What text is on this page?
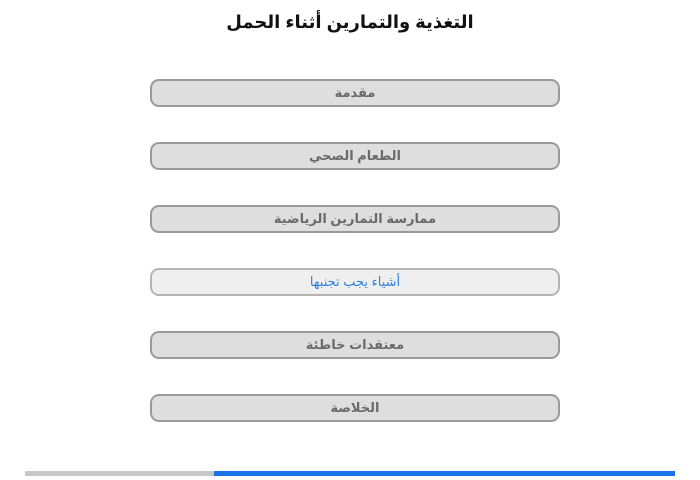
التغذية والتمارين أثناء الحمل
مقدمة
الطعام الصحي
ممارسة التمارين الرياضية
أشياء يجب تجنبها
معتقدات خاطئة
الخلاصة
